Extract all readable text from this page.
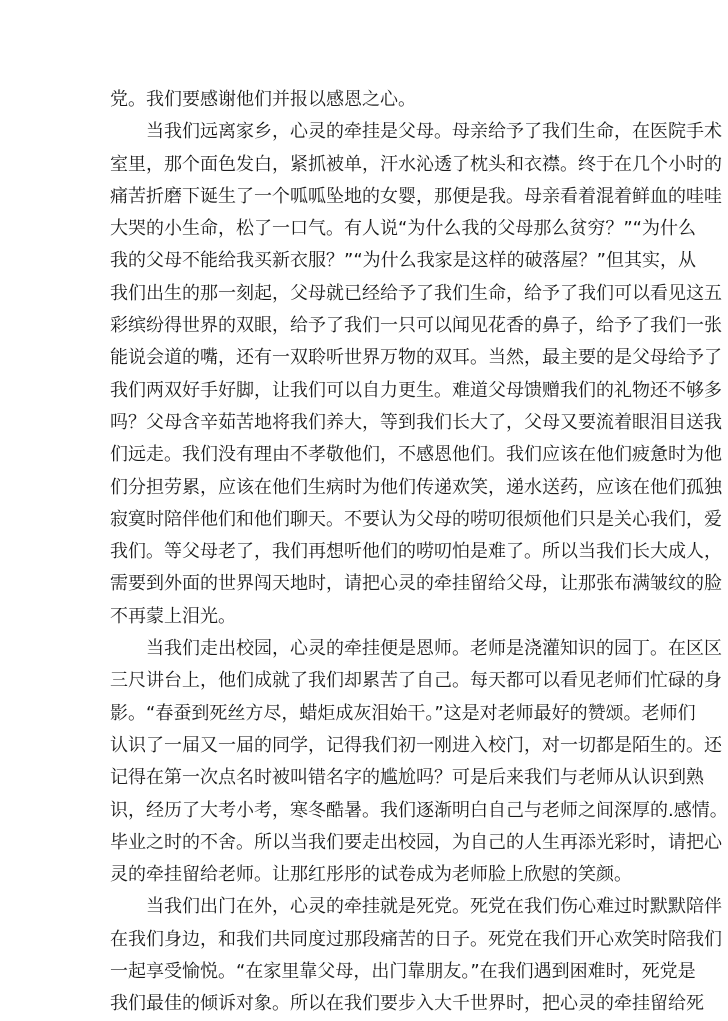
党。我们要感谢他们并报以感恩之心。
当我们远离家乡，心灵的牵挂是父母。母亲给予了我们生命，在医院手术
室里，那个面色发白，紧抓被单，汗水沁透了枕头和衣襟。终于在几个小时的
痛苦折磨下诞生了一个呱呱坠地的女婴，那便是我。母亲看着混着鲜血的哇哇
大哭的小生命，松了一口气。有人说“为什么我的父母那么贫穷？”“为什么
我的父母不能给我买新衣服？”“为什么我家是这样的破落屋？”但其实，从
我们出生的那一刻起，父母就已经给予了我们生命，给予了我们可以看见这五
彩缤纷得世界的双眼，给予了我们一只可以闻见花香的鼻子，给予了我们一张
能说会道的嘴，还有一双聆听世界万物的双耳。当然，最主要的是父母给予了
我们两双好手好脚，让我们可以自力更生。难道父母馈赠我们的礼物还不够多
吗？父母含辛茹苦地将我们养大，等到我们长大了，父母又要流着眼泪目送我
们远走。我们没有理由不孝敬他们，不感恩他们。我们应该在他们疲惫时为他
们分担劳累，应该在他们生病时为他们传递欢笑，递水送药，应该在他们孤独
寂寞时陪伴他们和他们聊天。不要认为父母的唠叨很烦他们只是关心我们，爱
我们。等父母老了，我们再想听他们的唠叨怕是难了。所以当我们长大成人，
需要到外面的世界闯天地时，请把心灵的牵挂留给父母，让那张布满皱纹的脸
不再蒙上泪光。
当我们走出校园，心灵的牵挂便是恩师。老师是浇灌知识的园丁。在区区
三尺讲台上，他们成就了我们却累苦了自己。每天都可以看见老师们忙碌的身
影。“春蚕到死丝方尽，蜡炬成灰泪始干。”这是对老师最好的赞颂。老师们
认识了一届又一届的同学，记得我们初一刚进入校门，对一切都是陌生的。还
记得在第一次点名时被叫错名字的尴尬吗？可是后来我们与老师从认识到熟
识，经历了大考小考，寒冬酷暑。我们逐渐明白自己与老师之间深厚的.感情。
毕业之时的不舍。所以当我们要走出校园，为自己的人生再添光彩时，请把心
灵的牵挂留给老师。让那红彤彤的试卷成为老师脸上欣慰的笑颜。
当我们出门在外，心灵的牵挂就是死党。死党在我们伤心难过时默默陪伴
在我们身边，和我们共同度过那段痛苦的日子。死党在我们开心欢笑时陪我们
一起享受愉悦。“在家里靠父母，出门靠朋友。”在我们遇到困难时，死党是
我们最佳的倾诉对象。所以在我们要步入大千世界时，把心灵的牵挂留给死
